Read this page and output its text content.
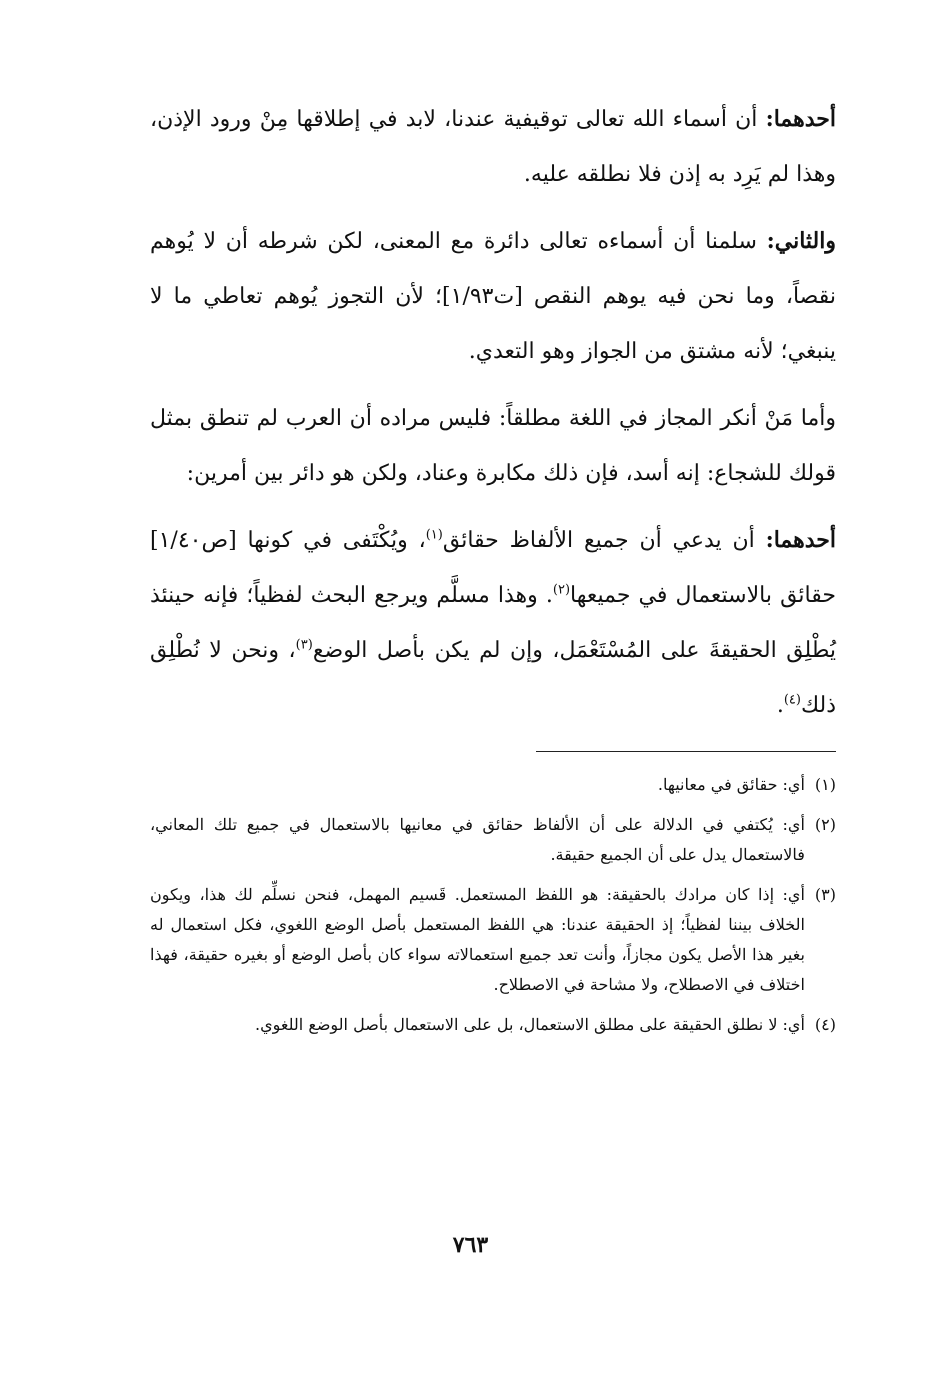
أحدهما: أن أسماء الله تعالى توقيفية عندنا، لابد في إطلاقها مِنْ ورود الإذن، وهذا لم يَرِد به إذن فلا نطلقه عليه.

والثاني: سلمنا أن أسماءه تعالى دائرة مع المعنى، لكن شرطه أن لا يُوهم نقصاً، وما نحن فيه يوهم النقص [ت١/٩٣]؛ لأن التجوز يُوهم تعاطي ما لا ينبغي؛ لأنه مشتق من الجواز وهو التعدي.

وأما مَنْ أنكر المجاز في اللغة مطلقاً: فليس مراده أن العرب لم تنطق بمثل قولك للشجاع: إنه أسد، فإن ذلك مكابرة وعناد، ولكن هو دائر بين أمرين:

أحدهما: أن يدعي أن جميع الألفاظ حقائق$^{(١)}$، ويُكْتَفى في كونها [ص١/٤٠] حقائق بالاستعمال في جميعها$^{(٢)}$. وهذا مسلَّم ويرجع البحث لفظياً؛ فإنه حينئذ يُطْلِق الحقيقةَ على المُسْتَعْمَل، وإن لم يكن بأصل الوضع$^{(٣)}$، ونحن لا نُطْلِق ذلك$^{(٤)}$.

(١)
أي: حقائق في معانيها.
(٢)
أي: يُكتفي في الدلالة على أن الألفاظ حقائق في معانيها بالاستعمال في جميع تلك المعاني، فالاستعمال يدل على أن الجميع حقيقة.
(٣)
أي: إذا كان مرادك بالحقيقة: هو اللفظ المستعمل. قَسيم المهمل، فنحن نسلِّم لك هذا، ويكون الخلاف بيننا لفظياً؛ إذ الحقيقة عندنا: هي اللفظ المستعمل بأصل الوضع اللغوي، فكل استعمال له بغير هذا الأصل يكون مجازاً، وأنت تعد جميع استعمالاته سواء كان بأصل الوضع أو بغيره حقيقة، فهذا اختلاف في الاصطلاح، ولا مشاحة في الاصطلاح.
(٤)
أي: لا نطلق الحقيقة على مطلق الاستعمال، بل على الاستعمال بأصل الوضع اللغوي.
٧٦٣
